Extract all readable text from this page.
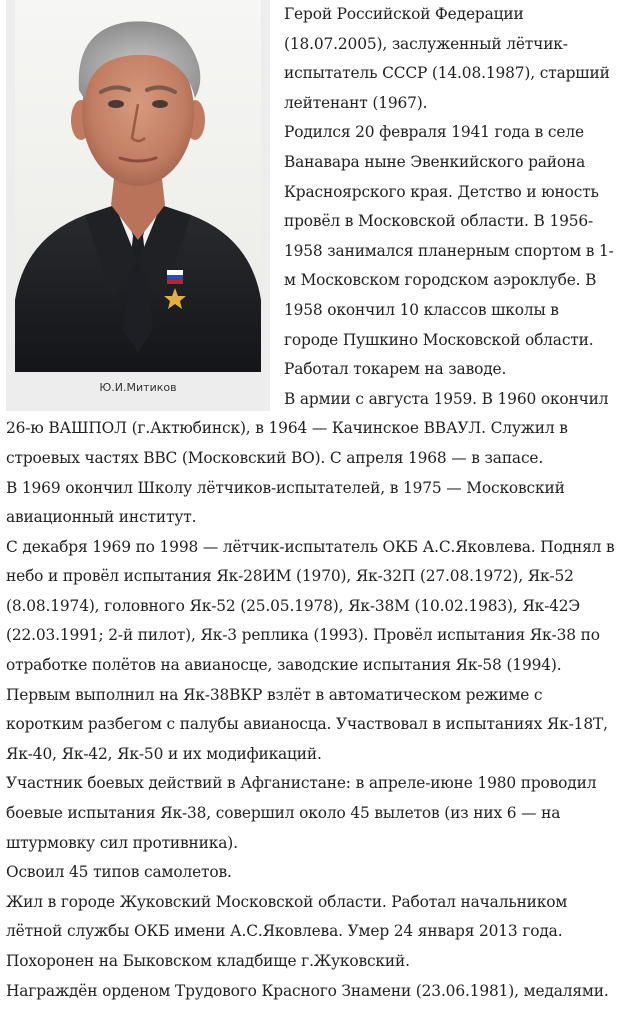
Ю.И.Митиков

Герой Российской Федерации (18.07.2005), заслуженный лётчик-испытатель СССР (14.08.1987), старший лейтенант (1967).

Родился 20 февраля 1941 года в селе Ванавара ныне Эвенкийского района Красноярского края. Детство и юность провёл в Московской области. В 1956-1958 занимался планерным спортом в 1-м Московском городском аэроклубе. В 1958 окончил 10 классов школы в городе Пушкино Московской области. Работал токарем на заводе.

В армии с августа 1959. В 1960 окончил 26-ю ВАШПОЛ (г.Актюбинск), в 1964 — Качинское ВВАУЛ. Служил в строевых частях ВВС (Московский ВО). С апреля 1968 — в запасе.

В 1969 окончил Школу лётчиков-испытателей, в 1975 — Московский авиационный институт.

С декабря 1969 по 1998 — лётчик-испытатель ОКБ А.С.Яковлева. Поднял в небо и провёл испытания Як-28ИМ (1970), Як-32П (27.08.1972), Як-52 (8.08.1974), головного Як-52 (25.05.1978), Як-38М (10.02.1983), Як-42Э (22.03.1991; 2-й пилот), Як-3 реплика (1993). Провёл испытания Як-38 по отработке полётов на авианосце, заводские испытания Як-58 (1994). Первым выполнил на Як-38ВКР взлёт в автоматическом режиме с коротким разбегом с палубы авианосца. Участвовал в испытаниях Як-18Т, Як-40, Як-42, Як-50 и их модификаций.

Участник боевых действий в Афганистане: в апреле-июне 1980 проводил боевые испытания Як-38, совершил около 45 вылетов (из них 6 — на штурмовку сил противника).

Освоил 45 типов самолетов.

Жил в городе Жуковский Московской области. Работал начальником лётной службы ОКБ имени А.С.Яковлева. Умер 24 января 2013 года.

Похоронен на Быковском кладбище г.Жуковский.

Награждён орденом Трудового Красного Знамени (23.06.1981), медалями.
